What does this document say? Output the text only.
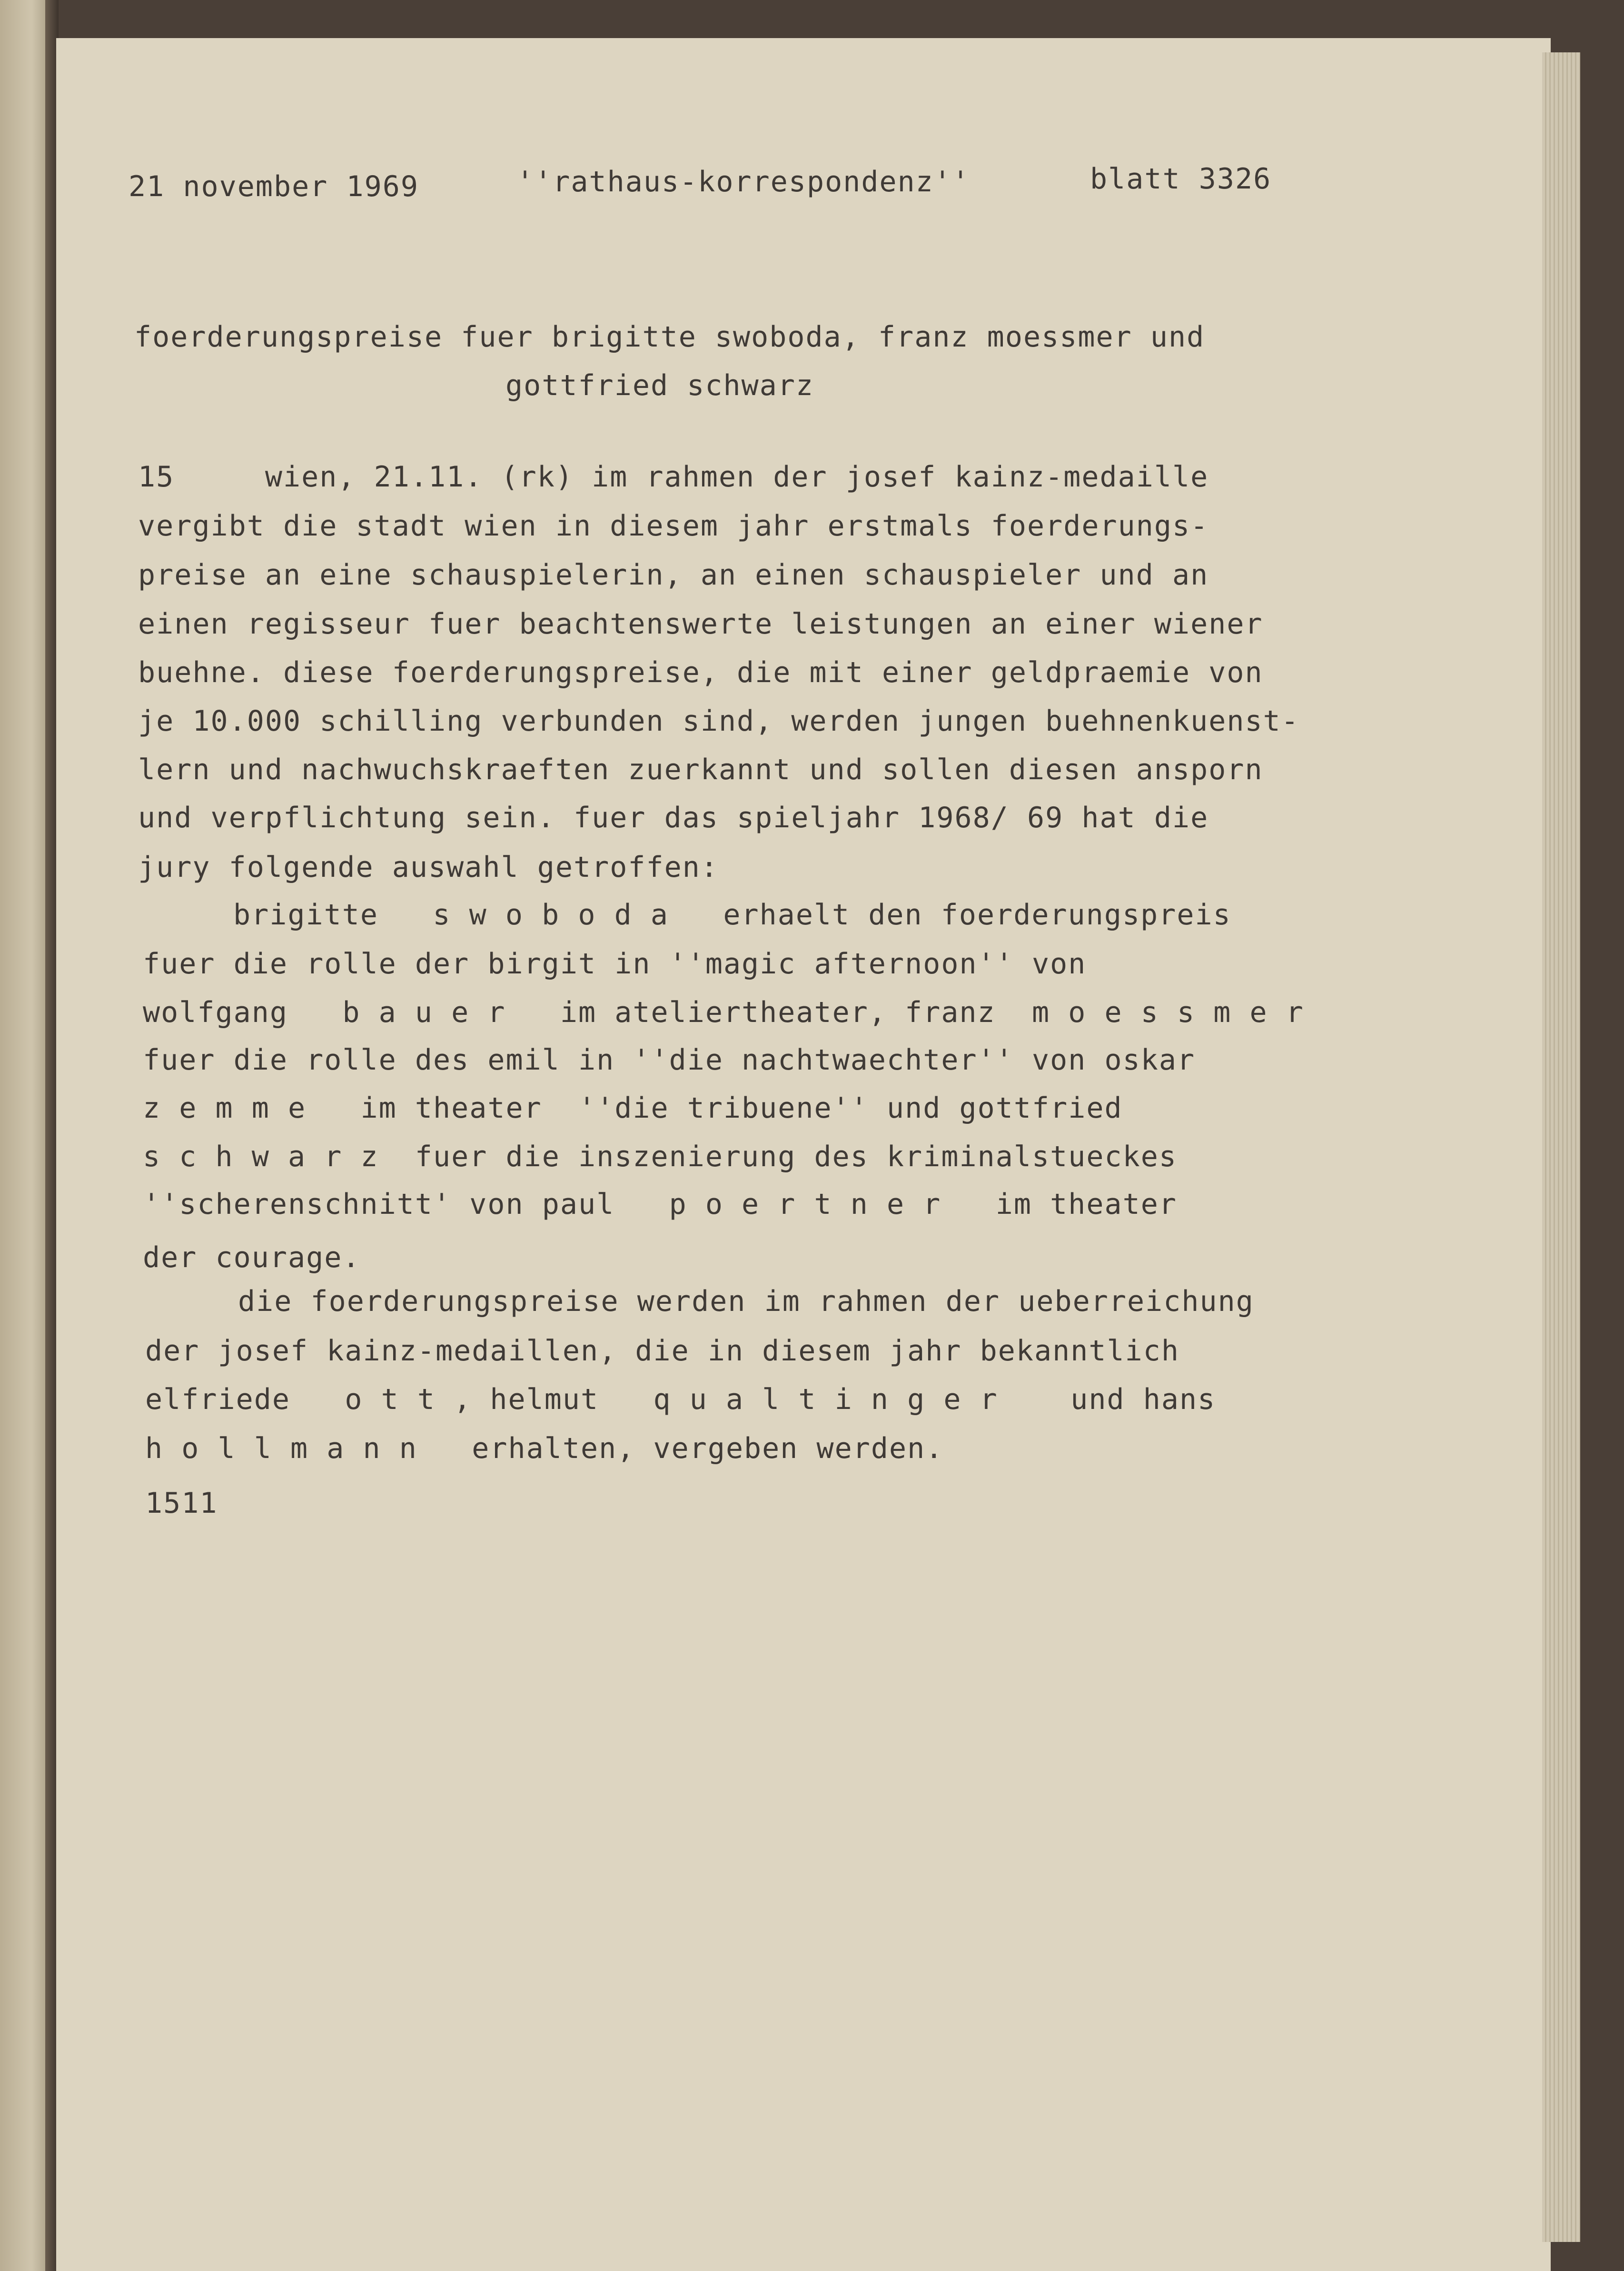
21 november 1969	''rathaus-korrespondenz''	blatt 3326
foerderungspreise fuer brigitte swoboda, franz moessmer und
gottfried schwarz
15     wien, 21.11. (rk) im rahmen der josef kainz-medaille
vergibt die stadt wien in diesem jahr erstmals foerderungs-
preise an eine schauspielerin, an einen schauspieler und an
einen regisseur fuer beachtenswerte leistungen an einer wiener
buehne. diese foerderungspreise, die mit einer geldpraemie von
je 10.000 schilling verbunden sind, werden jungen buehnenkuenst-
lern und nachwuchskraeften zuerkannt und sollen diesen ansporn
und verpflichtung sein. fuer das spieljahr 1968/ 69 hat die
jury folgende auswahl getroffen:
brigitte   s w o b o d a   erhaelt den foerderungspreis
fuer die rolle der birgit in ''magic afternoon'' von
wolfgang   b a u e r   im ateliertheater, franz  m o e s s m e r
fuer die rolle des emil in ''die nachtwaechter'' von oskar
z e m m e   im theater  ''die tribuene'' und gottfried
s c h w a r z  fuer die inszenierung des kriminalstueckes
''scherenschnitt' von paul   p o e r t n e r   im theater
der courage.
die foerderungspreise werden im rahmen der ueberreichung
der josef kainz-medaillen, die in diesem jahr bekanntlich
elfriede   o t t , helmut   q u a l t i n g e r    und hans
h o l l m a n n   erhalten, vergeben werden.
1511
